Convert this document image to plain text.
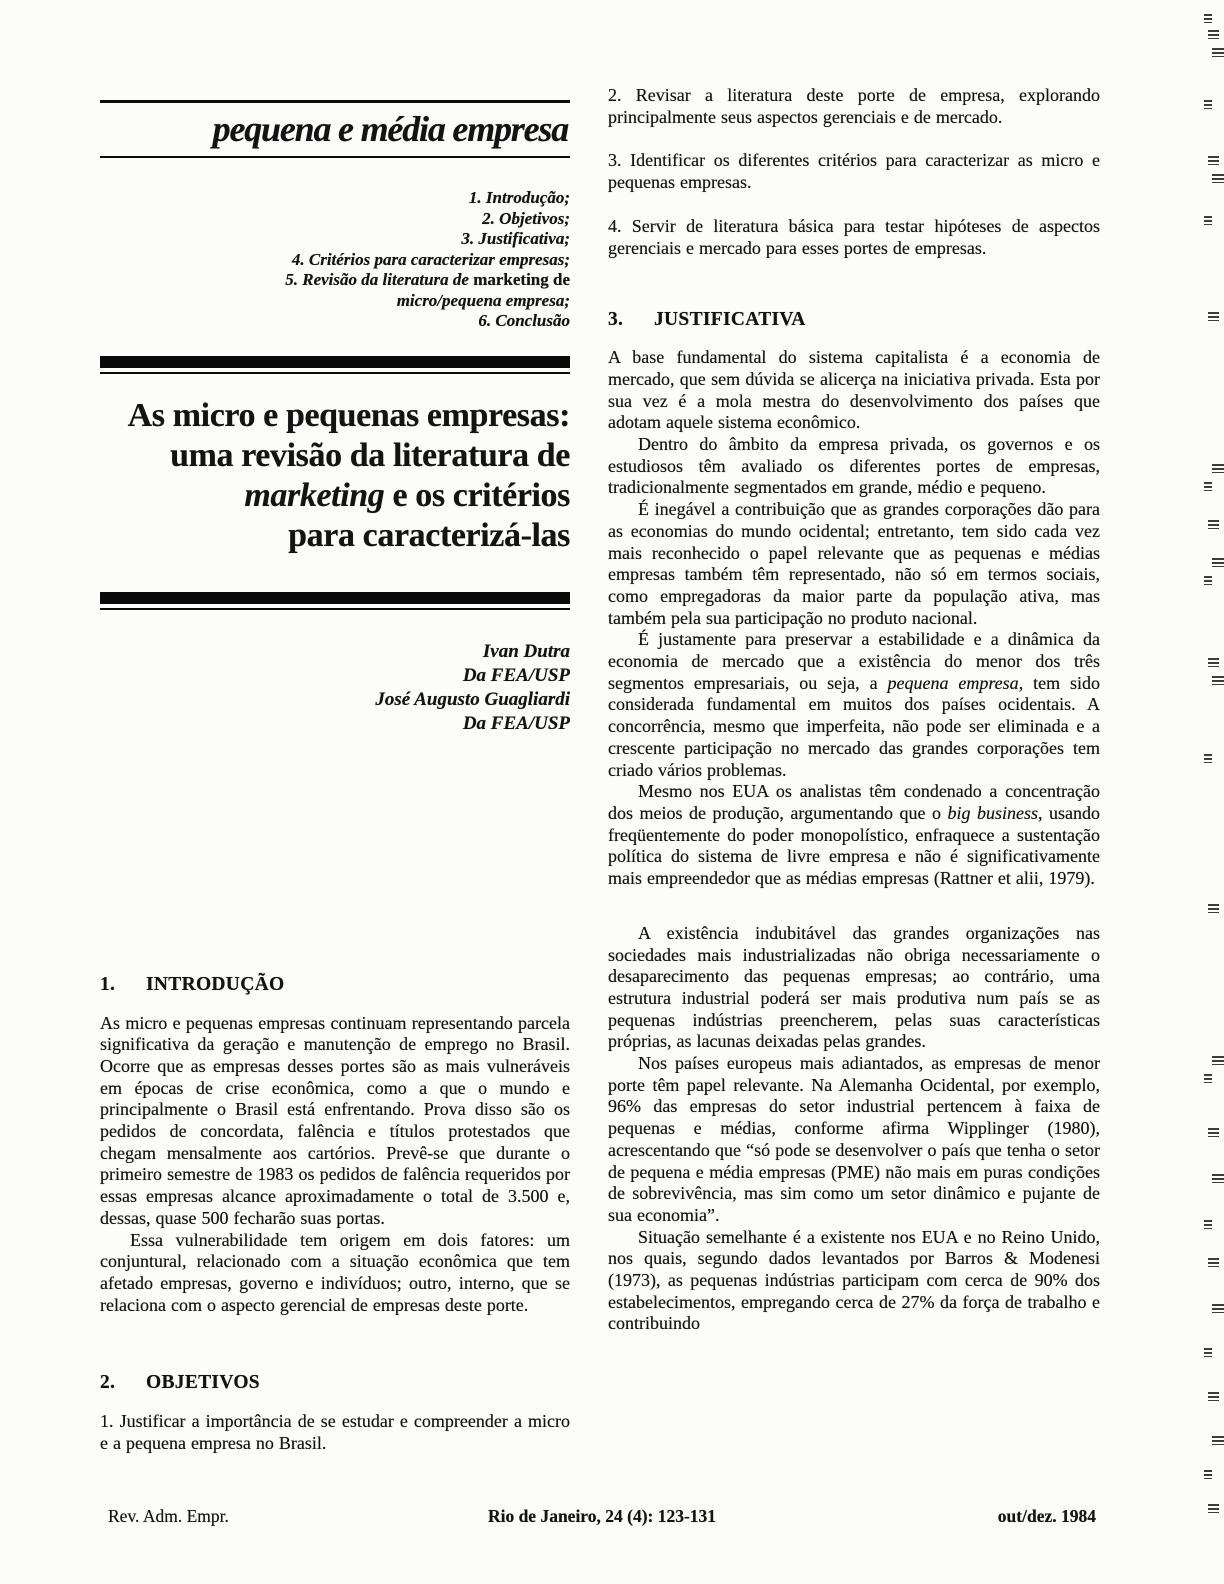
pequena e média empresa

1. Introdução;

2. Objetivos;

3. Justificativa;

4. Critérios para caracterizar empresas;

5. Revisão da literatura de marketing de

micro/pequena empresa;

6. Conclusão

As micro e pequenas empresas:
uma revisão da literatura de
marketing e os critérios
para caracterizá-las

Ivan Dutra

Da FEA/USP

José Augusto Guagliardi

Da FEA/USP

1. INTRODUÇÃO

As micro e pequenas empresas continuam representando parcela significativa da geração e manutenção de emprego no Brasil. Ocorre que as empresas desses portes são as mais vulneráveis em épocas de crise econômica, como a que o mundo e principalmente o Brasil está enfrentando. Prova disso são os pedidos de concordata, falência e títulos protestados que chegam mensalmente aos cartórios. Prevê-se que durante o primeiro semestre de 1983 os pedidos de falência requeridos por essas empresas alcance aproximadamente o total de 3.500 e, dessas, quase 500 fecharão suas portas.

Essa vulnerabilidade tem origem em dois fatores: um conjuntural, relacionado com a situação econômica que tem afetado empresas, governo e indivíduos; outro, interno, que se relaciona com o aspecto gerencial de empresas deste porte.

2. OBJETIVOS

1. Justificar a importância de se estudar e compreender a micro e a pequena empresa no Brasil.

2. Revisar a literatura deste porte de empresa, explorando principalmente seus aspectos gerenciais e de mercado.

3. Identificar os diferentes critérios para caracterizar as micro e pequenas empresas.

4. Servir de literatura básica para testar hipóteses de aspectos gerenciais e mercado para esses portes de empresas.

3. JUSTIFICATIVA

A base fundamental do sistema capitalista é a economia de mercado, que sem dúvida se alicerça na iniciativa privada. Esta por sua vez é a mola mestra do desenvolvimento dos países que adotam aquele sistema econômico.

Dentro do âmbito da empresa privada, os governos e os estudiosos têm avaliado os diferentes portes de empresas, tradicionalmente segmentados em grande, médio e pequeno.

É inegável a contribuição que as grandes corporações dão para as economias do mundo ocidental; entretanto, tem sido cada vez mais reconhecido o papel relevante que as pequenas e médias empresas também têm representado, não só em termos sociais, como empregadoras da maior parte da população ativa, mas também pela sua participação no produto nacional.

É justamente para preservar a estabilidade e a dinâmica da economia de mercado que a existência do menor dos três segmentos empresariais, ou seja, a pequena empresa, tem sido considerada fundamental em muitos dos países ocidentais. A concorrência, mesmo que imperfeita, não pode ser eliminada e a crescente participação no mercado das grandes corporações tem criado vários problemas.

Mesmo nos EUA os analistas têm condenado a concentração dos meios de produção, argumentando que o big business, usando freqüentemente do poder monopolístico, enfraquece a sustentação política do sistema de livre empresa e não é significativamente mais empreendedor que as médias empresas (Rattner et alii, 1979).

A existência indubitável das grandes organizações nas sociedades mais industrializadas não obriga necessariamente o desaparecimento das pequenas empresas; ao contrário, uma estrutura industrial poderá ser mais produtiva num país se as pequenas indústrias preencherem, pelas suas características próprias, as lacunas deixadas pelas grandes.

Nos países europeus mais adiantados, as empresas de menor porte têm papel relevante. Na Alemanha Ocidental, por exemplo, 96% das empresas do setor industrial pertencem à faixa de pequenas e médias, conforme afirma Wipplinger (1980), acrescentando que “só pode se desenvolver o país que tenha o setor de pequena e média empresas (PME) não mais em puras condições de sobrevivência, mas sim como um setor dinâmico e pujante de sua economia”.

Situação semelhante é a existente nos EUA e no Reino Unido, nos quais, segundo dados levantados por Barros & Modenesi (1973), as pequenas indústrias participam com cerca de 90% dos estabelecimentos, empregando cerca de 27% da força de trabalho e contribuindo

Rev. Adm. Empr.	Rio de Janeiro, 24 (4): 123-131	out/dez. 1984
